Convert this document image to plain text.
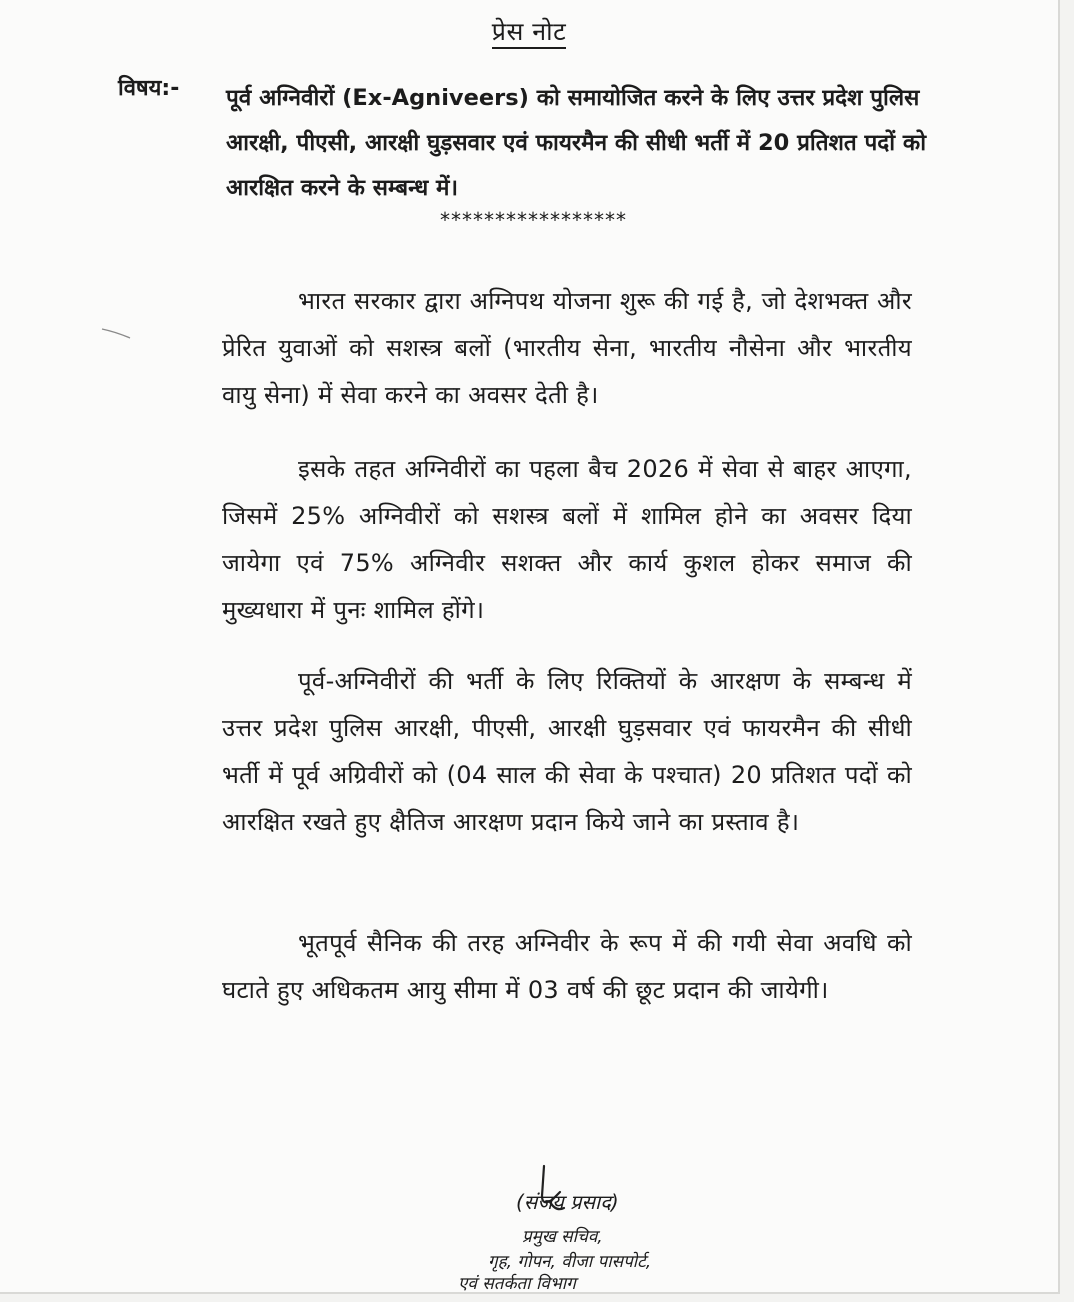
प्रेस नोट
विषय:- पूर्व अग्निवीरों (Ex-Agniveers) को समायोजित करने के लिए उत्तर प्रदेश पुलिस आरक्षी, पीएसी, आरक्षी घुड़सवार एवं फायरमैन की सीधी भर्ती में 20 प्रतिशत पदों को आरक्षित करने के सम्बन्ध में।
*****************
भारत सरकार द्वारा अग्निपथ योजना शुरू की गई है, जो देशभक्त और प्रेरित युवाओं को सशस्त्र बलों (भारतीय सेना, भारतीय नौसेना और भारतीय वायु सेना) में सेवा करने का अवसर देती है।
इसके तहत अग्निवीरों का पहला बैच 2026 में सेवा से बाहर आएगा, जिसमें 25% अग्निवीरों को सशस्त्र बलों में शामिल होने का अवसर दिया जायेगा एवं 75% अग्निवीर सशक्त और कार्य कुशल होकर समाज की मुख्यधारा में पुनः शामिल होंगे।
पूर्व-अग्निवीरों की भर्ती के लिए रिक्तियों के आरक्षण के सम्बन्ध में उत्तर प्रदेश पुलिस आरक्षी, पीएसी, आरक्षी घुड़सवार एवं फायरमैन की सीधी भर्ती में पूर्व अग्रिवीरों को (04 साल की सेवा के पश्चात) 20 प्रतिशत पदों को आरक्षित रखते हुए क्षैतिज आरक्षण प्रदान किये जाने का प्रस्ताव है।
भूतपूर्व सैनिक की तरह अग्निवीर के रूप में की गयी सेवा अवधि को घटाते हुए अधिकतम आयु सीमा में 03 वर्ष की छूट प्रदान की जायेगी।
(संजय प्रसाद)
प्रमुख सचिव,
गृह, गोपन, वीजा पासपोर्ट,
एवं सतर्कता विभाग
